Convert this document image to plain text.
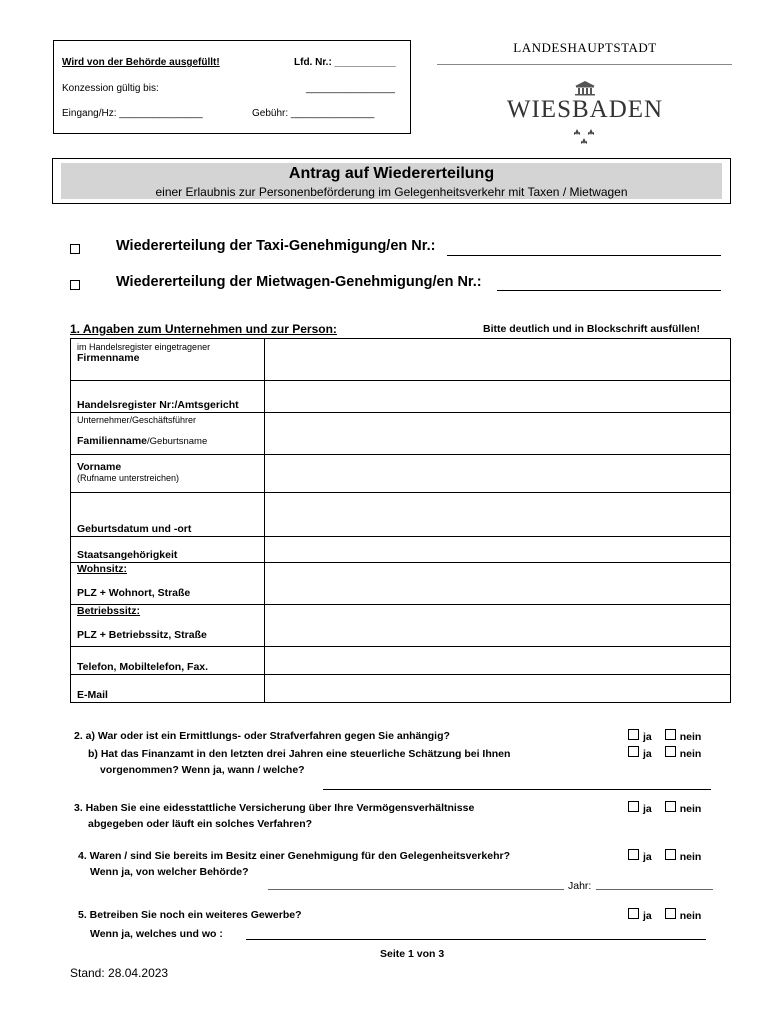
Wird von der Behörde ausgefüllt!	Lfd. Nr.: ___________
Konzession gültig bis:	________________
Eingang/Hz: _______________	Gebühr: _______________
LANDESHAUPTSTADT
WIESBADEN
Antrag auf Wiedererteilung
einer Erlaubnis zur Personenbeförderung im Gelegenheitsverkehr mit Taxen / Mietwagen
Wiedererteilung der Taxi-Genehmigung/en Nr.:
Wiedererteilung der Mietwagen-Genehmigung/en Nr.:
1. Angaben zum Unternehmen und zur Person:	Bitte deutlich und in Blockschrift ausfüllen!
im Handelsregister eingetragener
Firmenname	

Handelsregister Nr:/Amtsgericht	

Unternehmer/Geschäftsführer
Familienname/Geburtsname	

Vorname
(Rufname unterstreichen)	

Geburtsdatum und -ort	

Staatsangehörigkeit	

Wohnsitz:
PLZ + Wohnort, Straße	

Betriebssitz:
PLZ + Betriebssitz, Straße	

Telefon, Mobiltelefon, Fax.	

E-Mail	

2. a) War oder ist ein Ermittlungs- oder Strafverfahren gegen Sie anhängig?	ja	nein
b) Hat das Finanzamt in den letzten drei Jahren eine steuerliche Schätzung bei Ihnen
vorgenommen? Wenn ja, wann / welche?
ja	nein
3. Haben Sie eine eidesstattliche Versicherung über Ihre Vermögensverhältnisse
abgegeben oder läuft ein solches Verfahren?
ja	nein
4. Waren / sind Sie bereits im Besitz einer Genehmigung für den Gelegenheitsverkehr?
Wenn ja, von welcher Behörde?
ja	nein
Jahr:
5. Betreiben Sie noch ein weiteres Gewerbe?
Wenn ja, welches und wo :
ja	nein
Seite 1 von 3
Stand: 28.04.2023
